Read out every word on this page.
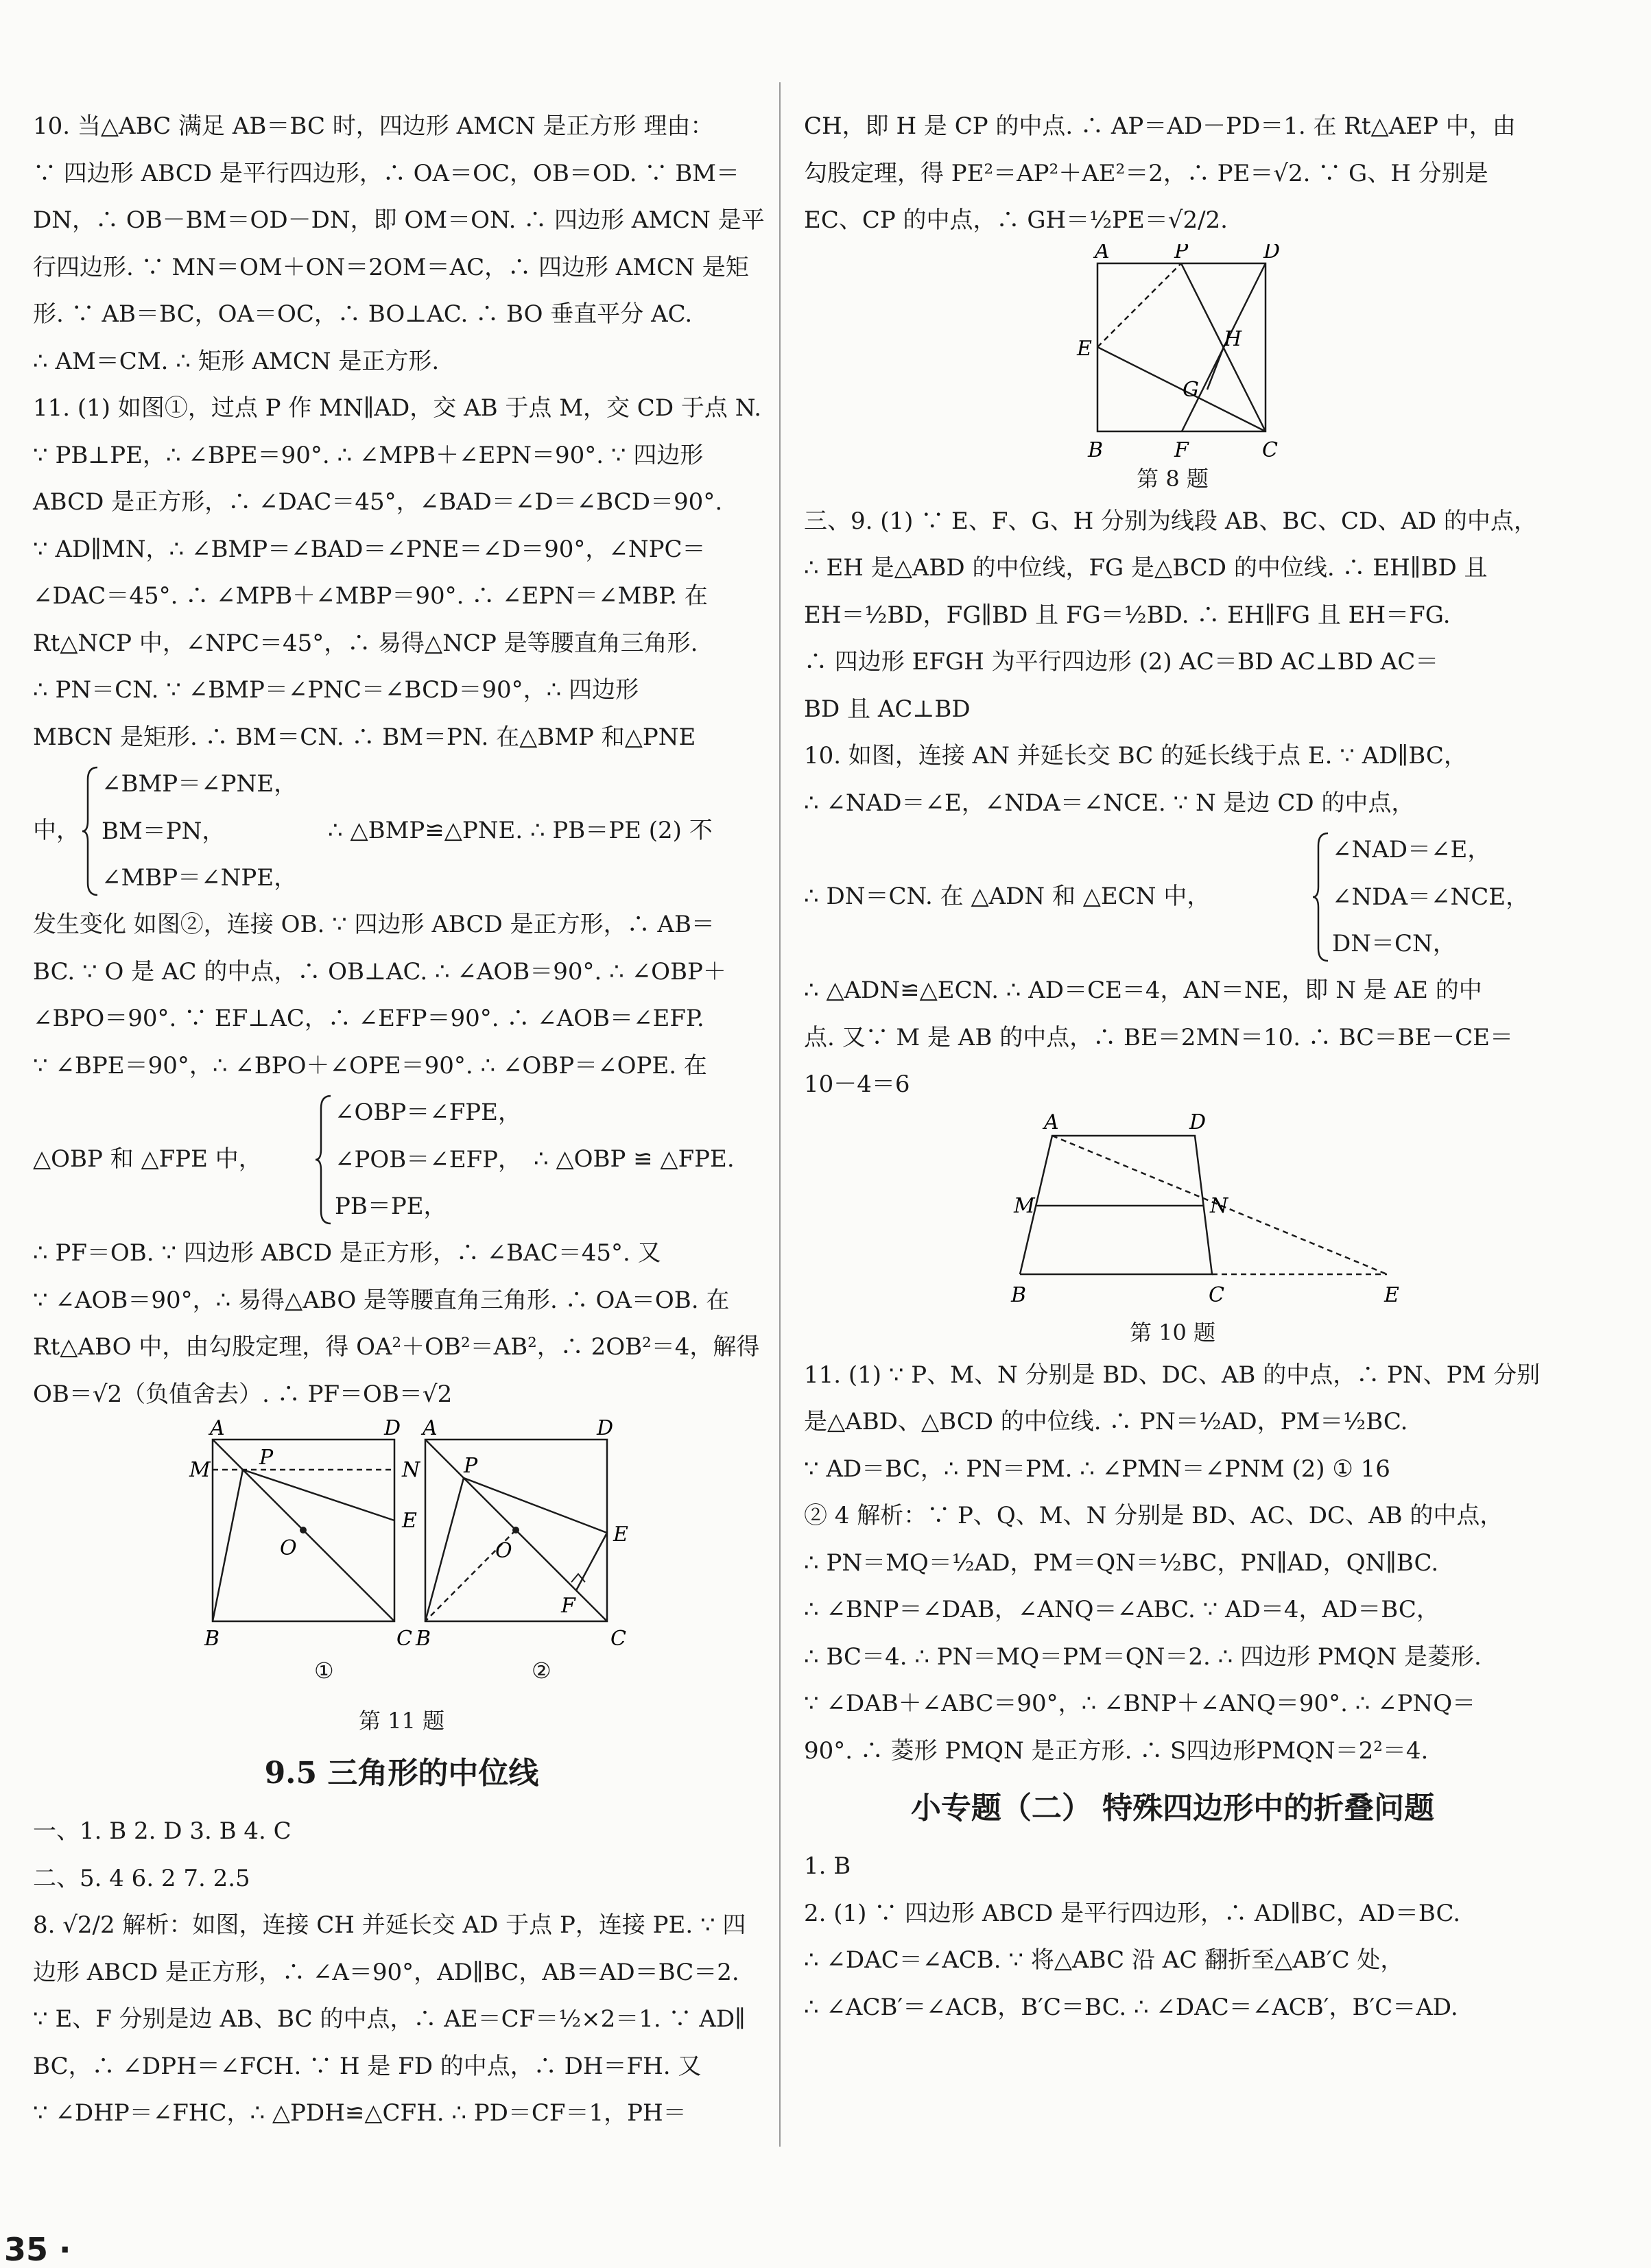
10. 当△ABC 满足 AB＝BC 时，四边形 AMCN 是正方形 理由：
∵ 四边形 ABCD 是平行四边形，∴ OA＝OC，OB＝OD. ∵ BM＝
DN，∴ OB－BM＝OD－DN，即 OM＝ON. ∴ 四边形 AMCN 是平
行四边形. ∵ MN＝OM＋ON＝2OM＝AC，∴ 四边形 AMCN 是矩
形. ∵ AB＝BC，OA＝OC，∴ BO⊥AC. ∴ BO 垂直平分 AC.
∴ AM＝CM. ∴ 矩形 AMCN 是正方形.
11. (1) 如图①，过点 P 作 MN∥AD，交 AB 于点 M，交 CD 于点 N.
∵ PB⊥PE，∴ ∠BPE＝90°. ∴ ∠MPB＋∠EPN＝90°. ∵ 四边形
ABCD 是正方形，∴ ∠DAC＝45°，∠BAD＝∠D＝∠BCD＝90°.
∵ AD∥MN，∴ ∠BMP＝∠BAD＝∠PNE＝∠D＝90°，∠NPC＝
∠DAC＝45°. ∴ ∠MPB＋∠MBP＝90°. ∴ ∠EPN＝∠MBP. 在
Rt△NCP 中，∠NPC＝45°，∴ 易得△NCP 是等腰直角三角形.
∴ PN＝CN. ∵ ∠BMP＝∠PNC＝∠BCD＝90°，∴ 四边形
MBCN 是矩形. ∴ BM＝CN. ∴ BM＝PN. 在△BMP 和△PNE
中，
∠BMP＝∠PNE，
BM＝PN，
∠MBP＝∠NPE，
∴ △BMP≌△PNE. ∴ PB＝PE (2) 不
发生变化 如图②，连接 OB. ∵ 四边形 ABCD 是正方形，∴ AB＝
BC. ∵ O 是 AC 的中点，∴ OB⊥AC. ∴ ∠AOB＝90°. ∴ ∠OBP＋
∠BPO＝90°. ∵ EF⊥AC，∴ ∠EFP＝90°. ∴ ∠AOB＝∠EFP.
∵ ∠BPE＝90°，∴ ∠BPO＋∠OPE＝90°. ∴ ∠OBP＝∠OPE. 在
△OBP 和 △FPE 中，
∠OBP＝∠FPE，
∠POB＝∠EFP，
PB＝PE，
∴ △OBP ≌ △FPE.
∴ PF＝OB. ∵ 四边形 ABCD 是正方形，∴ ∠BAC＝45°. 又
∵ ∠AOB＝90°，∴ 易得△ABO 是等腰直角三角形. ∴ OA＝OB. 在
Rt△ABO 中，由勾股定理，得 OA²＋OB²＝AB²，∴ 2OB²＝4，解得
OB＝√2（负值舍去）. ∴ PF＝OB＝√2
A	D
M
P
N
O
E
B	C
A	D
P
O
E
F
B	C
①	②
第 11 题
9.5 三角形的中位线
一、1. B 2. D 3. B 4. C
二、5. 4 6. 2 7. 2.5
8. √2/2 解析：如图，连接 CH 并延长交 AD 于点 P，连接 PE. ∵ 四
边形 ABCD 是正方形，∴ ∠A＝90°，AD∥BC，AB＝AD＝BC＝2.
∵ E、F 分别是边 AB、BC 的中点，∴ AE＝CF＝½×2＝1. ∵ AD∥
BC，∴ ∠DPH＝∠FCH. ∵ H 是 FD 的中点，∴ DH＝FH. 又
∵ ∠DHP＝∠FHC，∴ △PDH≌△CFH. ∴ PD＝CF＝1，PH＝
CH，即 H 是 CP 的中点. ∴ AP＝AD－PD＝1. 在 Rt△AEP 中，由
勾股定理，得 PE²＝AP²＋AE²＝2，∴ PE＝√2. ∵ G、H 分别是
EC、CP 的中点，∴ GH＝½PE＝√2/2.
A	P	D
E	H
G
B	F	C
第 8 题
三、9. (1) ∵ E、F、G、H 分别为线段 AB、BC、CD、AD 的中点，
∴ EH 是△ABD 的中位线，FG 是△BCD 的中位线. ∴ EH∥BD 且
EH＝½BD，FG∥BD 且 FG＝½BD. ∴ EH∥FG 且 EH＝FG.
∴ 四边形 EFGH 为平行四边形 (2) AC＝BD AC⊥BD AC＝
BD 且 AC⊥BD
10. 如图，连接 AN 并延长交 BC 的延长线于点 E. ∵ AD∥BC，
∴ ∠NAD＝∠E，∠NDA＝∠NCE. ∵ N 是边 CD 的中点，
∴ DN＝CN. 在 △ADN 和 △ECN 中，
∠NAD＝∠E，
∠NDA＝∠NCE，
DN＝CN，
∴ △ADN≌△ECN. ∴ AD＝CE＝4，AN＝NE，即 N 是 AE 的中
点. 又∵ M 是 AB 的中点，∴ BE＝2MN＝10. ∴ BC＝BE－CE＝
10－4＝6
A	D
M	N
B	C	E
第 10 题
11. (1) ∵ P、M、N 分别是 BD、DC、AB 的中点，∴ PN、PM 分别
是△ABD、△BCD 的中位线. ∴ PN＝½AD，PM＝½BC.
∵ AD＝BC，∴ PN＝PM. ∴ ∠PMN＝∠PNM (2) ① 16
② 4 解析：∵ P、Q、M、N 分别是 BD、AC、DC、AB 的中点，
∴ PN＝MQ＝½AD，PM＝QN＝½BC，PN∥AD，QN∥BC.
∴ ∠BNP＝∠DAB，∠ANQ＝∠ABC. ∵ AD＝4，AD＝BC，
∴ BC＝4. ∴ PN＝MQ＝PM＝QN＝2. ∴ 四边形 PMQN 是菱形.
∵ ∠DAB＋∠ABC＝90°，∴ ∠BNP＋∠ANQ＝90°. ∴ ∠PNQ＝
90°. ∴ 菱形 PMQN 是正方形. ∴ S四边形PMQN＝2²＝4.
小专题（二） 特殊四边形中的折叠问题
1. B
2. (1) ∵ 四边形 ABCD 是平行四边形，∴ AD∥BC，AD＝BC.
∴ ∠DAC＝∠ACB. ∵ 将△ABC 沿 AC 翻折至△AB′C 处，
∴ ∠ACB′＝∠ACB，B′C＝BC. ∴ ∠DAC＝∠ACB′，B′C＝AD.
35 ·
